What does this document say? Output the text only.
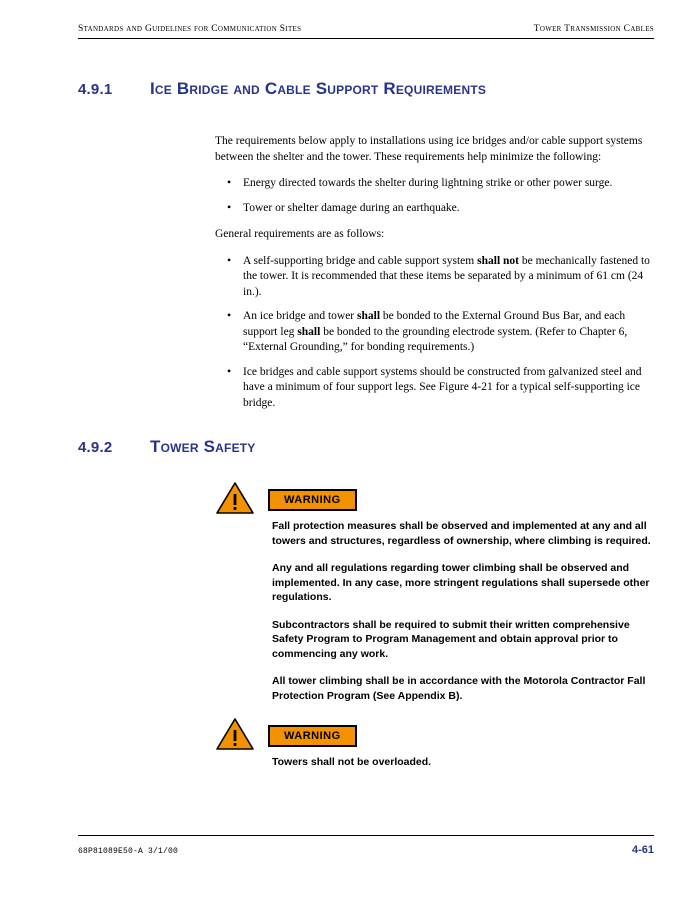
Standards and Guidelines for Communication Sites	Tower Transmission Cables
4.9.1 Ice Bridge and Cable Support Requirements

The requirements below apply to installations using ice bridges and/or cable support systems between the shelter and the tower. These requirements help minimize the following:

• Energy directed towards the shelter during lightning strike or other power surge.
• Tower or shelter damage during an earthquake.

General requirements are as follows:

• A self-supporting bridge and cable support system shall not be mechanically fastened to the tower. It is recommended that these items be separated by a minimum of 61 cm (24 in.).
• An ice bridge and tower shall be bonded to the External Ground Bus Bar, and each support leg shall be bonded to the grounding electrode system. (Refer to Chapter 6, “External Grounding,” for bonding requirements.)
• Ice bridges and cable support systems should be constructed from galvanized steel and have a minimum of four support legs. See Figure 4-21 for a typical self-supporting ice bridge.
4.9.2 Tower Safety
WARNING

Fall protection measures shall be observed and implemented at any and all towers and structures, regardless of ownership, where climbing is required.

Any and all regulations regarding tower climbing shall be observed and implemented. In any case, more stringent regulations shall supersede other regulations.

Subcontractors shall be required to submit their written comprehensive Safety Program to Program Management and obtain approval prior to commencing any work.

All tower climbing shall be in accordance with the Motorola Contractor Fall Protection Program (See Appendix B).

WARNING

Towers shall not be overloaded.

68P81089E50-A 3/1/00	4-61
